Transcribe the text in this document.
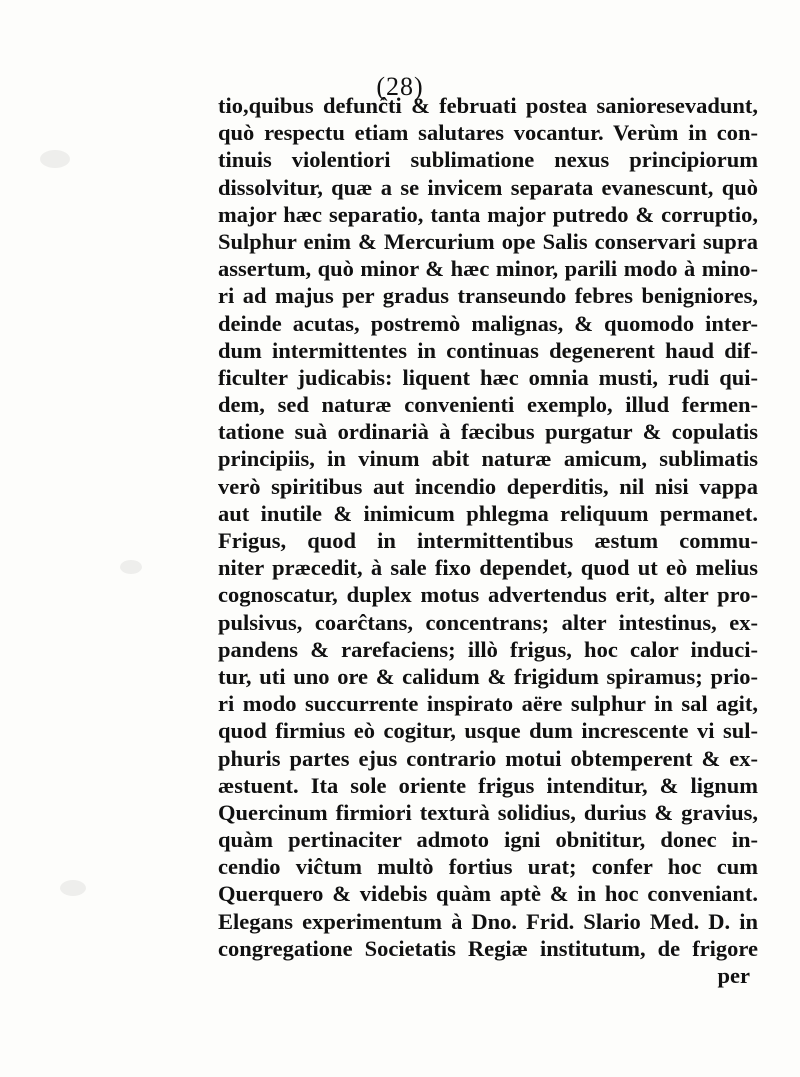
(28)
tio,quibus defunĉti & februati postea sanioresevadunt,
quò respectu etiam salutares vocantur. Verùm in con-
tinuis violentiori sublimatione nexus principiorum
dissolvitur, quæ a se invicem separata evanescunt, quò
major hæc separatio, tanta major putredo & corruptio,
Sulphur enim & Mercurium ope Salis conservari supra
assertum, quò minor & hæc minor, parili modo à mino-
ri ad majus per gradus transeundo febres benigniores,
deinde acutas, postremò malignas, & quomodo inter-
dum intermittentes in continuas degenerent haud dif-
ficulter judicabis: liquent hæc omnia musti, rudi qui-
dem, sed naturæ convenienti exemplo, illud fermen-
tatione suà ordinarià à fæcibus purgatur & copulatis
principiis, in vinum abit naturæ amicum, sublimatis
verò spiritibus aut incendio deperditis, nil nisi vappa
aut inutile & inimicum phlegma reliquum permanet.
Frigus, quod in intermittentibus æstum commu-
niter præcedit, à sale fixo dependet, quod ut eò melius
cognoscatur, duplex motus advertendus erit, alter pro-
pulsivus, coarĉtans, concentrans; alter intestinus, ex-
pandens & rarefaciens; illò frigus, hoc calor induci-
tur, uti uno ore & calidum & frigidum spiramus; prio-
ri modo succurrente inspirato aëre sulphur in sal agit,
quod firmius eò cogitur, usque dum increscente vi sul-
phuris partes ejus contrario motui obtemperent & ex-
æstuent. Ita sole oriente frigus intenditur, & lignum
Quercinum firmiori texturà solidius, durius & gravius,
quàm pertinaciter admoto igni obnititur, donec in-
cendio viĉtum multò fortius urat; confer hoc cum
Querquero & videbis quàm aptè & in hoc conveniant.
Elegans experimentum à Dno. Frid. Slario Med. D. in
congregatione Societatis Regiæ institutum, de frigore
per
